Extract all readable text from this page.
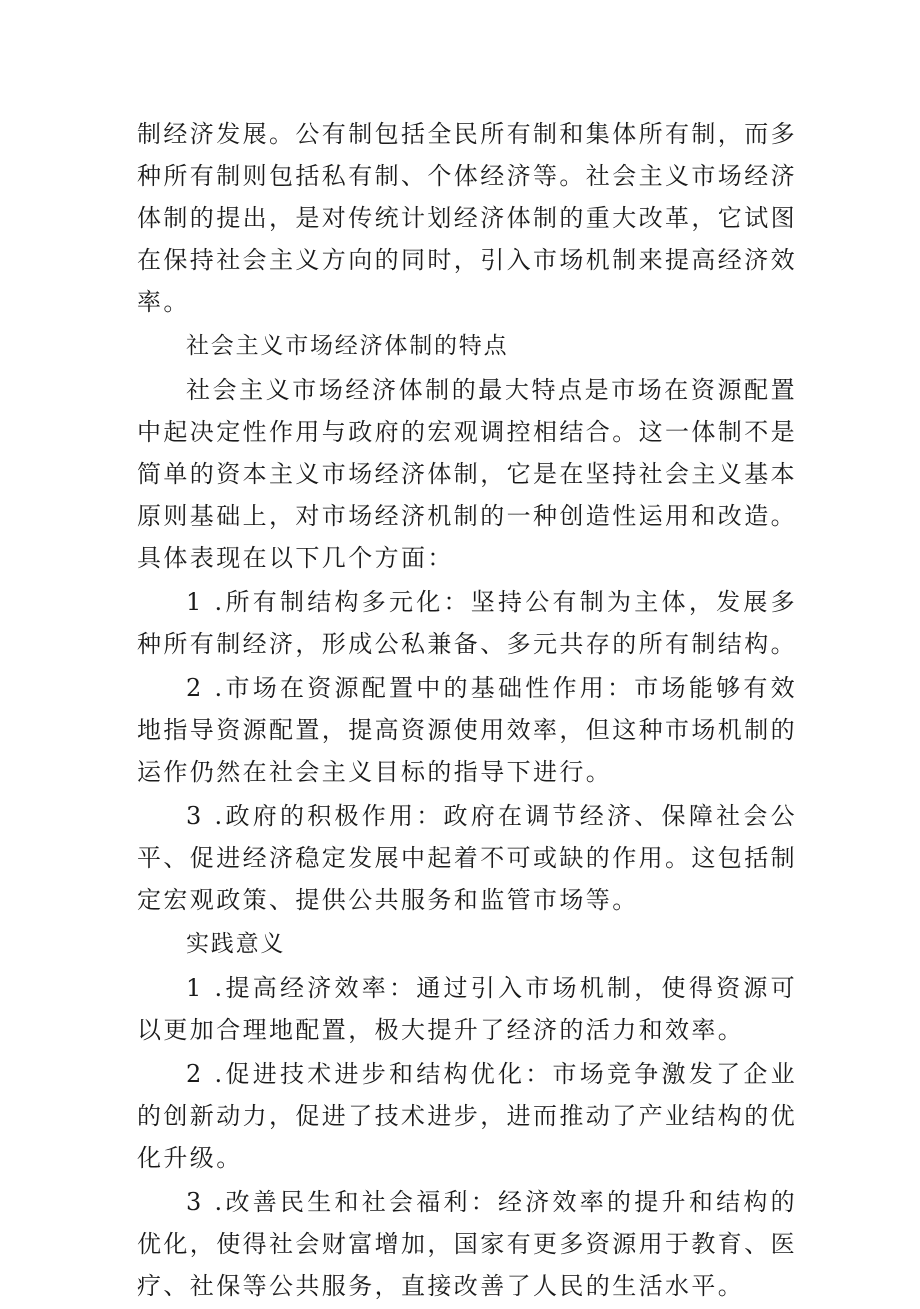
制经济发展。公有制包括全民所有制和集体所有制，而多种所有制则包括私有制、个体经济等。社会主义市场经济体制的提出，是对传统计划经济体制的重大改革，它试图在保持社会主义方向的同时，引入市场机制来提高经济效率。

社会主义市场经济体制的特点

社会主义市场经济体制的最大特点是市场在资源配置中起决定性作用与政府的宏观调控相结合。这一体制不是简单的资本主义市场经济体制，它是在坚持社会主义基本原则基础上，对市场经济机制的一种创造性运用和改造。具体表现在以下几个方面：

1 .所有制结构多元化：坚持公有制为主体，发展多种所有制经济，形成公私兼备、多元共存的所有制结构。

2 .市场在资源配置中的基础性作用：市场能够有效地指导资源配置，提高资源使用效率，但这种市场机制的运作仍然在社会主义目标的指导下进行。

3 .政府的积极作用：政府在调节经济、保障社会公平、促进经济稳定发展中起着不可或缺的作用。这包括制定宏观政策、提供公共服务和监管市场等。

实践意义

1 .提高经济效率：通过引入市场机制，使得资源可以更加合理地配置，极大提升了经济的活力和效率。

2 .促进技术进步和结构优化：市场竞争激发了企业的创新动力，促进了技术进步，进而推动了产业结构的优化升级。

3 .改善民生和社会福利：经济效率的提升和结构的优化，使得社会财富增加，国家有更多资源用于教育、医疗、社保等公共服务，直接改善了人民的生活水平。
